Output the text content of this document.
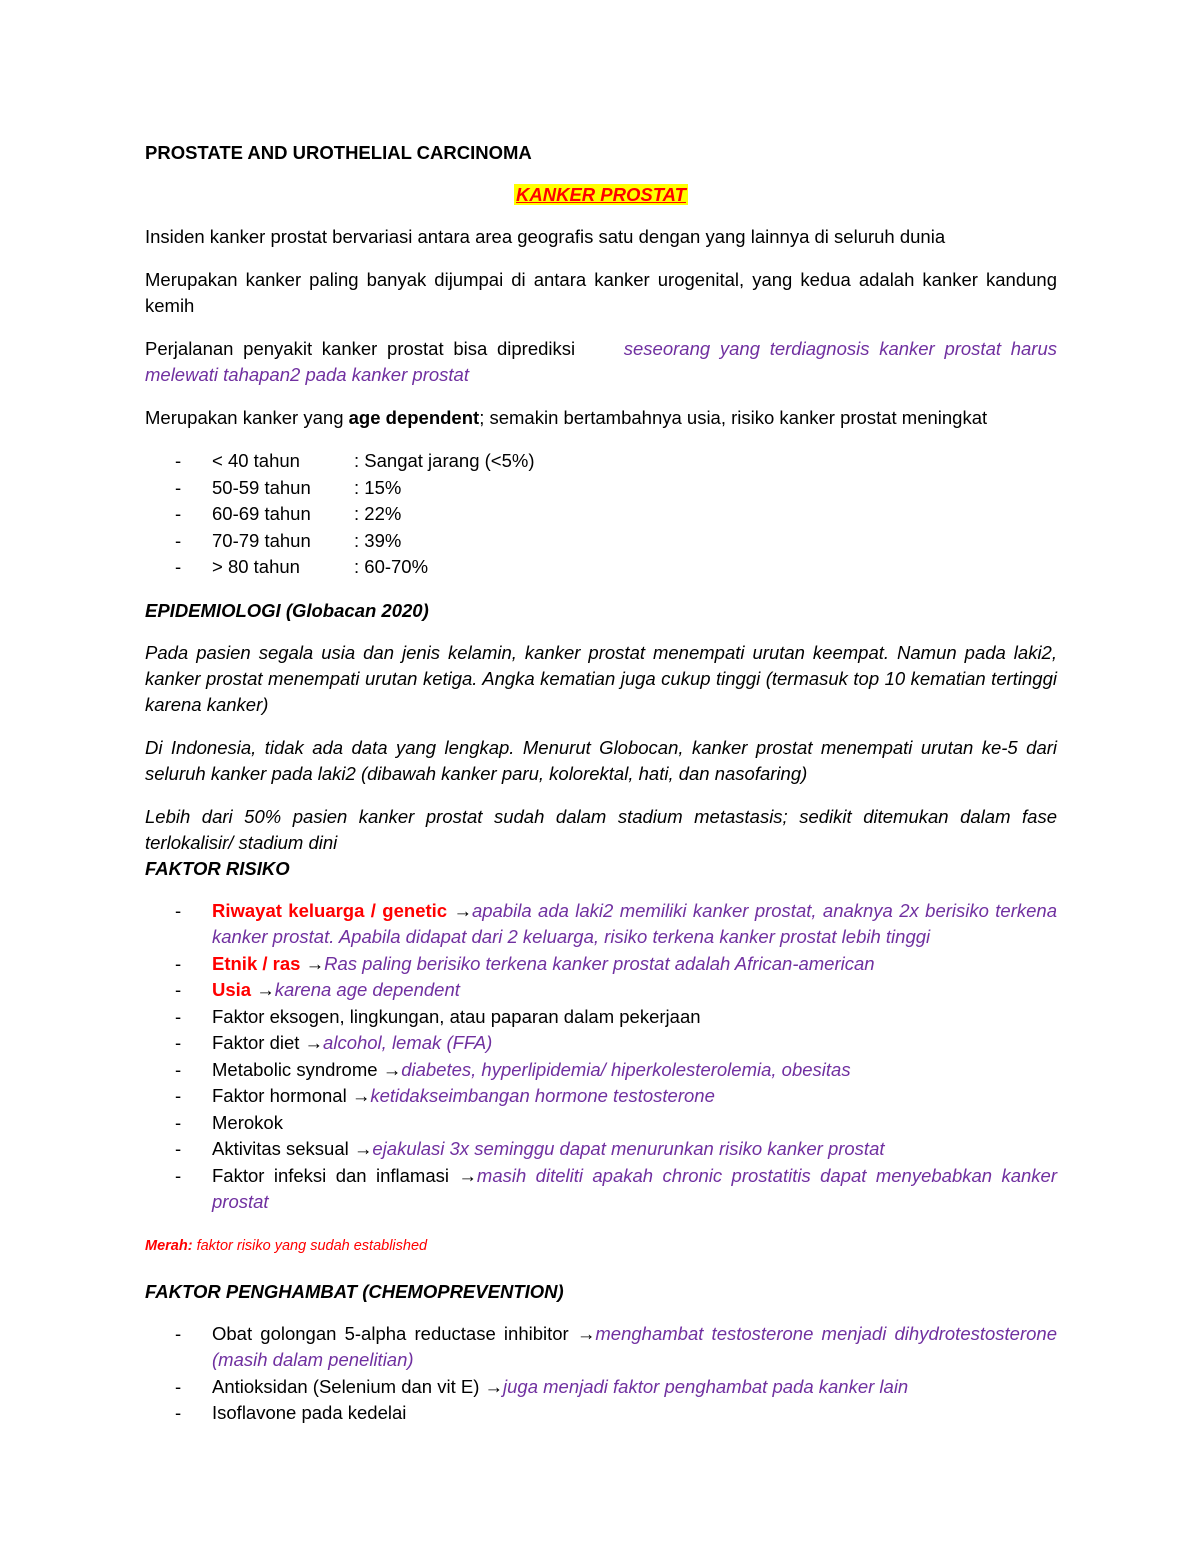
PROSTATE AND UROTHELIAL CARCINOMA
KANKER PROSTAT

Insiden kanker prostat bervariasi antara area geografis satu dengan yang lainnya di seluruh dunia

Merupakan kanker paling banyak dijumpai di antara kanker urogenital, yang kedua adalah kanker kandung kemih

Perjalanan penyakit kanker prostat bisa diprediksi	seseorang yang terdiagnosis kanker prostat harus melewati tahapan2 pada kanker prostat

Merupakan kanker yang age dependent; semakin bertambahnya usia, risiko kanker prostat meningkat

- < 40 tahun	: Sangat jarang (<5%)
- 50-59 tahun : 15%
- 60-69 tahun : 22%
- 70-79 tahun : 39%
- > 80 tahun	: 60-70%
EPIDEMIOLOGI (Globacan 2020)

Pada pasien segala usia dan jenis kelamin, kanker prostat menempati urutan keempat. Namun pada laki2, kanker prostat menempati urutan ketiga. Angka kematian juga cukup tinggi (termasuk top 10 kematian tertinggi karena kanker)

Di Indonesia, tidak ada data yang lengkap. Menurut Globocan, kanker prostat menempati urutan ke-5 dari seluruh kanker pada laki2 (dibawah kanker paru, kolorektal, hati, dan nasofaring)

Lebih dari 50% pasien kanker prostat sudah dalam stadium metastasis; sedikit ditemukan dalam fase terlokalisir/ stadium dini

FAKTOR RISIKO
- Riwayat keluarga / genetic →apabila ada laki2 memiliki kanker prostat, anaknya 2x berisiko terkena kanker prostat. Apabila didapat dari 2 keluarga, risiko terkena kanker prostat lebih tinggi
- Etnik / ras →Ras paling berisiko terkena kanker prostat adalah African-american
- Usia →karena age dependent
- Faktor eksogen, lingkungan, atau paparan dalam pekerjaan
- Faktor diet →alcohol, lemak (FFA)
- Metabolic syndrome →diabetes, hyperlipidemia/ hiperkolesterolemia, obesitas
- Faktor hormonal →ketidakseimbangan hormone testosterone
- Merokok
- Aktivitas seksual →ejakulasi 3x seminggu dapat menurunkan risiko kanker prostat
- Faktor infeksi dan inflamasi →masih diteliti apakah chronic prostatitis dapat menyebabkan kanker prostat
Merah: faktor risiko yang sudah established
FAKTOR PENGHAMBAT (CHEMOPREVENTION)
- Obat golongan 5-alpha reductase inhibitor →menghambat testosterone menjadi dihydrotestosterone (masih dalam penelitian)
- Antioksidan (Selenium dan vit E) →juga menjadi faktor penghambat pada kanker lain
- Isoflavone pada kedelai
